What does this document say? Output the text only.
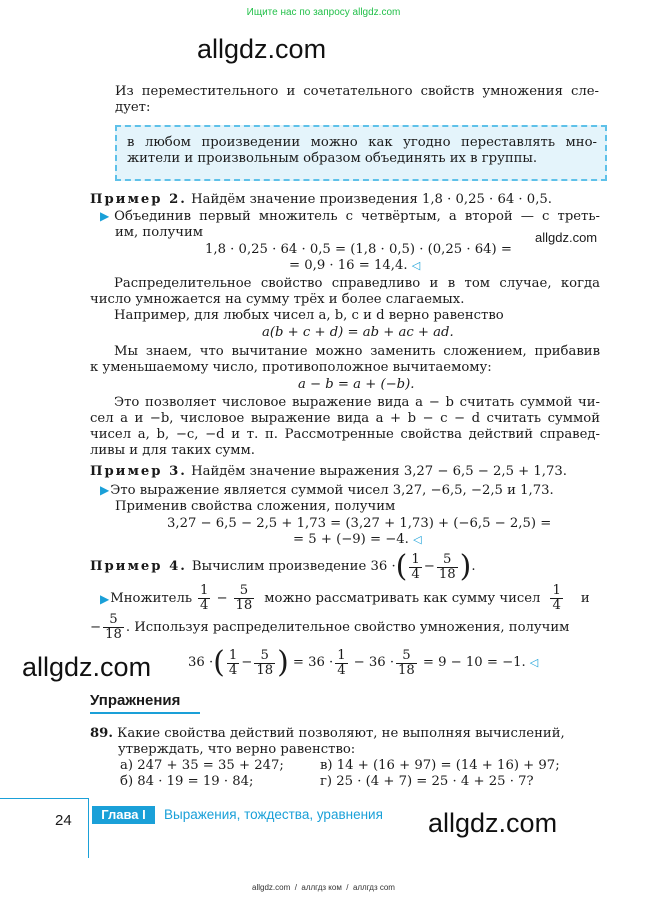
Ищите нас по запросу allgdz.com
allgdz.com
Из переместительного и сочетательного свойств умножения сле-
дует:
в любом произведении можно как угодно переставлять мно-
жители и произвольным образом объединять их в группы.
Пример 2. Найдём значение произведения 1,8 · 0,25 · 64 · 0,5.
▶Объединив первый множитель с четвёртым, а второй — с треть-
им, получим	allgdz.com
1,8 · 0,25 · 64 · 0,5 = (1,8 · 0,5) · (0,25 · 64) =
= 0,9 · 16 = 14,4. ◁
Распределительное свойство справедливо и в том случае, когда
число умножается на сумму трёх и более слагаемых.
Например, для любых чисел a, b, c и d верно равенство
a(b + c + d) = ab + ac + ad.
Мы знаем, что вычитание можно заменить сложением, прибавив
к уменьшаемому число, противоположное вычитаемому:
a − b = a + (−b).
Это позволяет числовое выражение вида a − b считать суммой чи-
сел a и −b, числовое выражение вида a + b − c − d считать суммой
чисел a, b, −c, −d и т. п. Рассмотренные свойства действий справед-
ливы и для таких сумм.
Пример 3. Найдём значение выражения 3,27 − 6,5 − 2,5 + 1,73.
▶Это выражение является суммой чисел 3,27, −6,5, −2,5 и 1,73.
Применив свойства сложения, получим
3,27 − 6,5 − 2,5 + 1,73 = (3,27 + 1,73) + (−6,5 − 2,5) =
= 5 + (−9) = −4. ◁
Пример 4. Вычислим произведение 36 · ( $\frac{1}{4} - \frac{5}{18}$ ) .
▶ Множитель $\frac{1}{4} - \frac{5}{18}$ можно рассматривать как сумму чисел $\frac{1}{4}$ и
− $\frac{5}{18}$ . Используя распределительное свойство умножения, получим
allgdz.com	36 · ( $\frac{1}{4} - \frac{5}{18}$ ) = $36 \cdot \frac{1}{4} - 36 \cdot \frac{5}{18} = 9 - 10 = -1$. ◁
Упражнения
89. Какие свойства действий позволяют, не выполняя вычислений,
утверждать, что верно равенство:
а) 247 + 35 = 35 + 247;
б) 84 · 19 = 19 · 84;
в) 14 + (16 + 97) = (14 + 16) + 97;
г) 25 · (4 + 7) = 25 · 4 + 25 · 7?
24	Глава I	Выражения, тождества, уравнения allgdz.com
allgdz.com  /  аллгдз ком  /  аллгдз com
